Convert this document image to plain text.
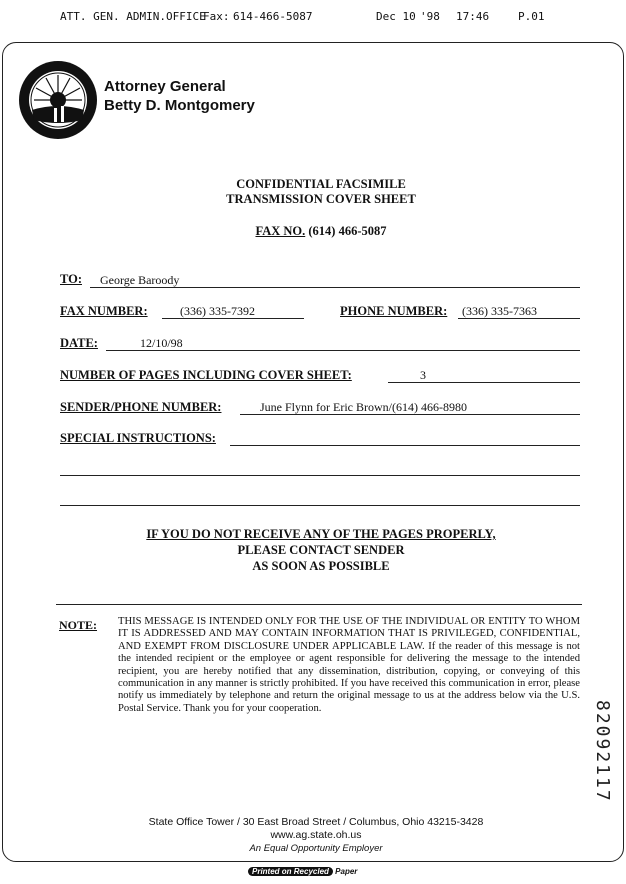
ATT. GEN. ADMIN.OFFICE
Fax: 614-466-5087	Dec 10 '98 17:46	P.01
Attorney General
Betty D. Montgomery
CONFIDENTIAL FACSIMILE
TRANSMISSION COVER SHEET
FAX NO. (614) 466-5087
TO: George Baroody
FAX NUMBER:	(336) 335-7392	PHONE NUMBER: (336) 335-7363
DATE:	12/10/98
NUMBER OF PAGES INCLUDING COVER SHEET:	3
SENDER/PHONE NUMBER:	June Flynn for Eric Brown/(614) 466-8980
SPECIAL INSTRUCTIONS:
IF YOU DO NOT RECEIVE ANY OF THE PAGES PROPERLY,
PLEASE CONTACT SENDER
AS SOON AS POSSIBLE
NOTE: THIS MESSAGE IS INTENDED ONLY FOR THE USE OF THE INDIVIDUAL OR ENTITY TO WHOM IT IS ADDRESSED AND MAY CONTAIN INFORMATION THAT IS PRIVILEGED, CONFIDENTIAL, AND EXEMPT FROM DISCLOSURE UNDER APPLICABLE LAW. If the reader of this message is not the intended recipient or the employee or agent responsible for delivering the message to the intended recipient, you are hereby notified that any dissemination, distribution, copying, or conveying of this communication in any manner is strictly prohibited. If you have received this communication in error, please notify us immediately by telephone and return the original message to us at the address below via the U.S. Postal Service. Thank you for your cooperation.	82092117
State Office Tower / 30 East Broad Street / Columbus, Ohio 43215-3428
www.ag.state.oh.us
An Equal Opportunity Employer
Printed on Recycled Paper
